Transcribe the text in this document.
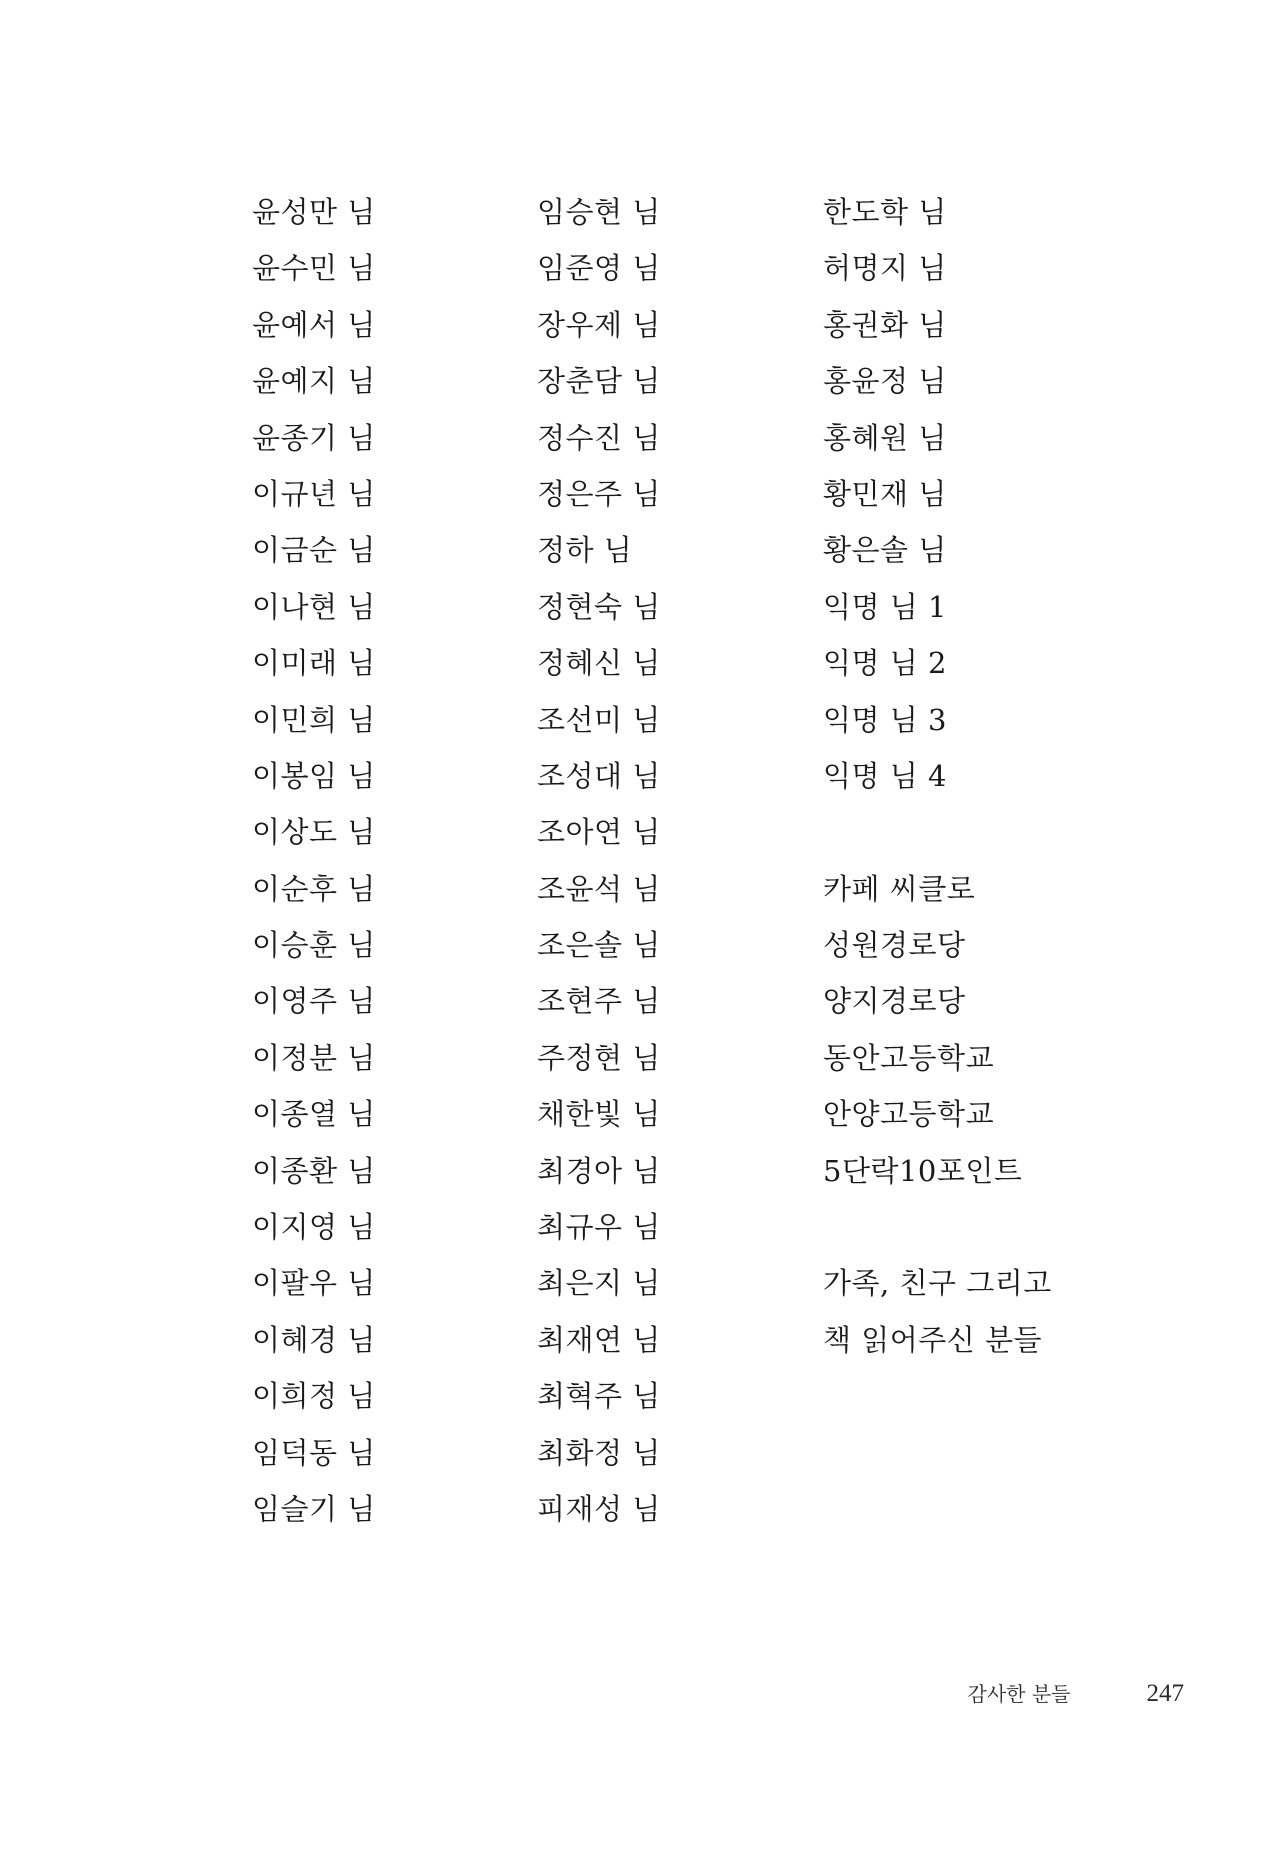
윤성만 님
윤수민 님
윤예서 님
윤예지 님
윤종기 님
이규년 님
이금순 님
이나현 님
이미래 님
이민희 님
이봉임 님
이상도 님
이순후 님
이승훈 님
이영주 님
이정분 님
이종열 님
이종환 님
이지영 님
이팔우 님
이혜경 님
이희정 님
임덕동 님
임슬기 님
임승현 님
임준영 님
장우제 님
장춘담 님
정수진 님
정은주 님
정하 님
정현숙 님
정혜신 님
조선미 님
조성대 님
조아연 님
조윤석 님
조은솔 님
조현주 님
주정현 님
채한빛 님
최경아 님
최규우 님
최은지 님
최재연 님
최혁주 님
최화정 님
피재성 님
한도학 님
허명지 님
홍권화 님
홍윤정 님
홍혜원 님
황민재 님
황은솔 님
익명 님 1
익명 님 2
익명 님 3
익명 님 4
카페 씨클로
성원경로당
양지경로당
동안고등학교
안양고등학교
5단락10포인트
가족, 친구 그리고
책 읽어주신 분들
감사한 분들	247
